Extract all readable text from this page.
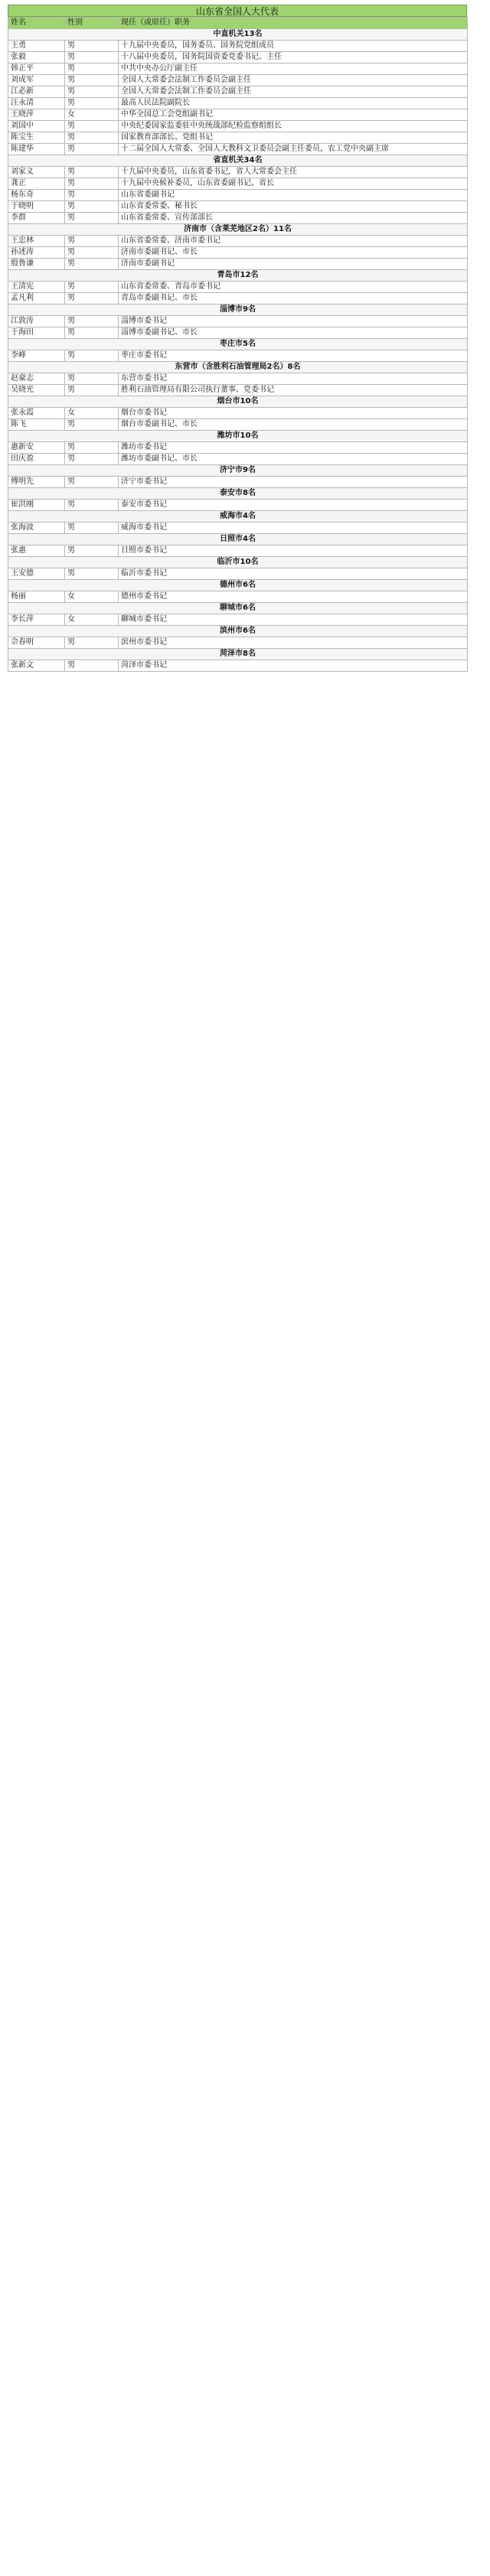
山东省全国人大代表
姓名	性别	现任（或原任）职务
中直机关13名		
王勇	男	十九届中央委员，国务委员、国务院党组成员
张毅	男	十八届中央委员，国务院国资委党委书记、主任
韩正平	男	中共中央办公厅副主任
刘成军	男	全国人大常委会法制工作委员会副主任
江必新	男	全国人大常委会法制工作委员会副主任
汪永清	男	最高人民法院副院长
王晓萍	女	中华全国总工会党组副书记
刘国中	男	中央纪委国家监委驻中央统战部纪检监察组组长
陈宝生	男	国家教育部部长、党组书记
陈建华	男	十二届全国人大常委、全国人大教科文卫委员会副主任委员，农工党中央副主席
省直机关34名		
刘家义	男	十九届中央委员，山东省委书记，省人大常委会主任
龚正	男	十九届中央候补委员，山东省委副书记、省长
杨东奇	男	山东省委副书记
于晓明	男	山东省委常委、秘书长
李群	男	山东省委常委、宣传部部长
济南市（含莱芜地区2名）11名		
王忠林	男	山东省委常委、济南市委书记
孙述涛	男	济南市委副书记、市长
殷鲁谦	男	济南市委副书记
青岛市12名		
王清宪	男	山东省委常委、青岛市委书记
孟凡利	男	青岛市委副书记、市长
淄博市9名		
江敦涛	男	淄博市委书记
于海田	男	淄博市委副书记、市长
枣庄市5名		
李峰	男	枣庄市委书记
东营市（含胜利石油管理局2名）8名		
赵豪志	男	东营市委书记
吴晓光	男	胜利石油管理局有限公司执行董事、党委书记
烟台市10名		
张永霞	女	烟台市委书记
陈飞	男	烟台市委副书记、市长
潍坊市10名		
惠新安	男	潍坊市委书记
田庆盈	男	潍坊市委副书记、市长
济宁市9名		
傅明先	男	济宁市委书记
泰安市8名		
崔洪刚	男	泰安市委书记
威海市4名		
张海波	男	威海市委书记
日照市4名		
张惠	男	日照市委书记
临沂市10名		
王安德	男	临沂市委书记
德州市6名		
杨丽	女	德州市委书记
聊城市6名		
李长萍	女	聊城市委书记
滨州市6名		
佘春明	男	滨州市委书记
菏泽市8名		
张新文	男	菏泽市委书记
